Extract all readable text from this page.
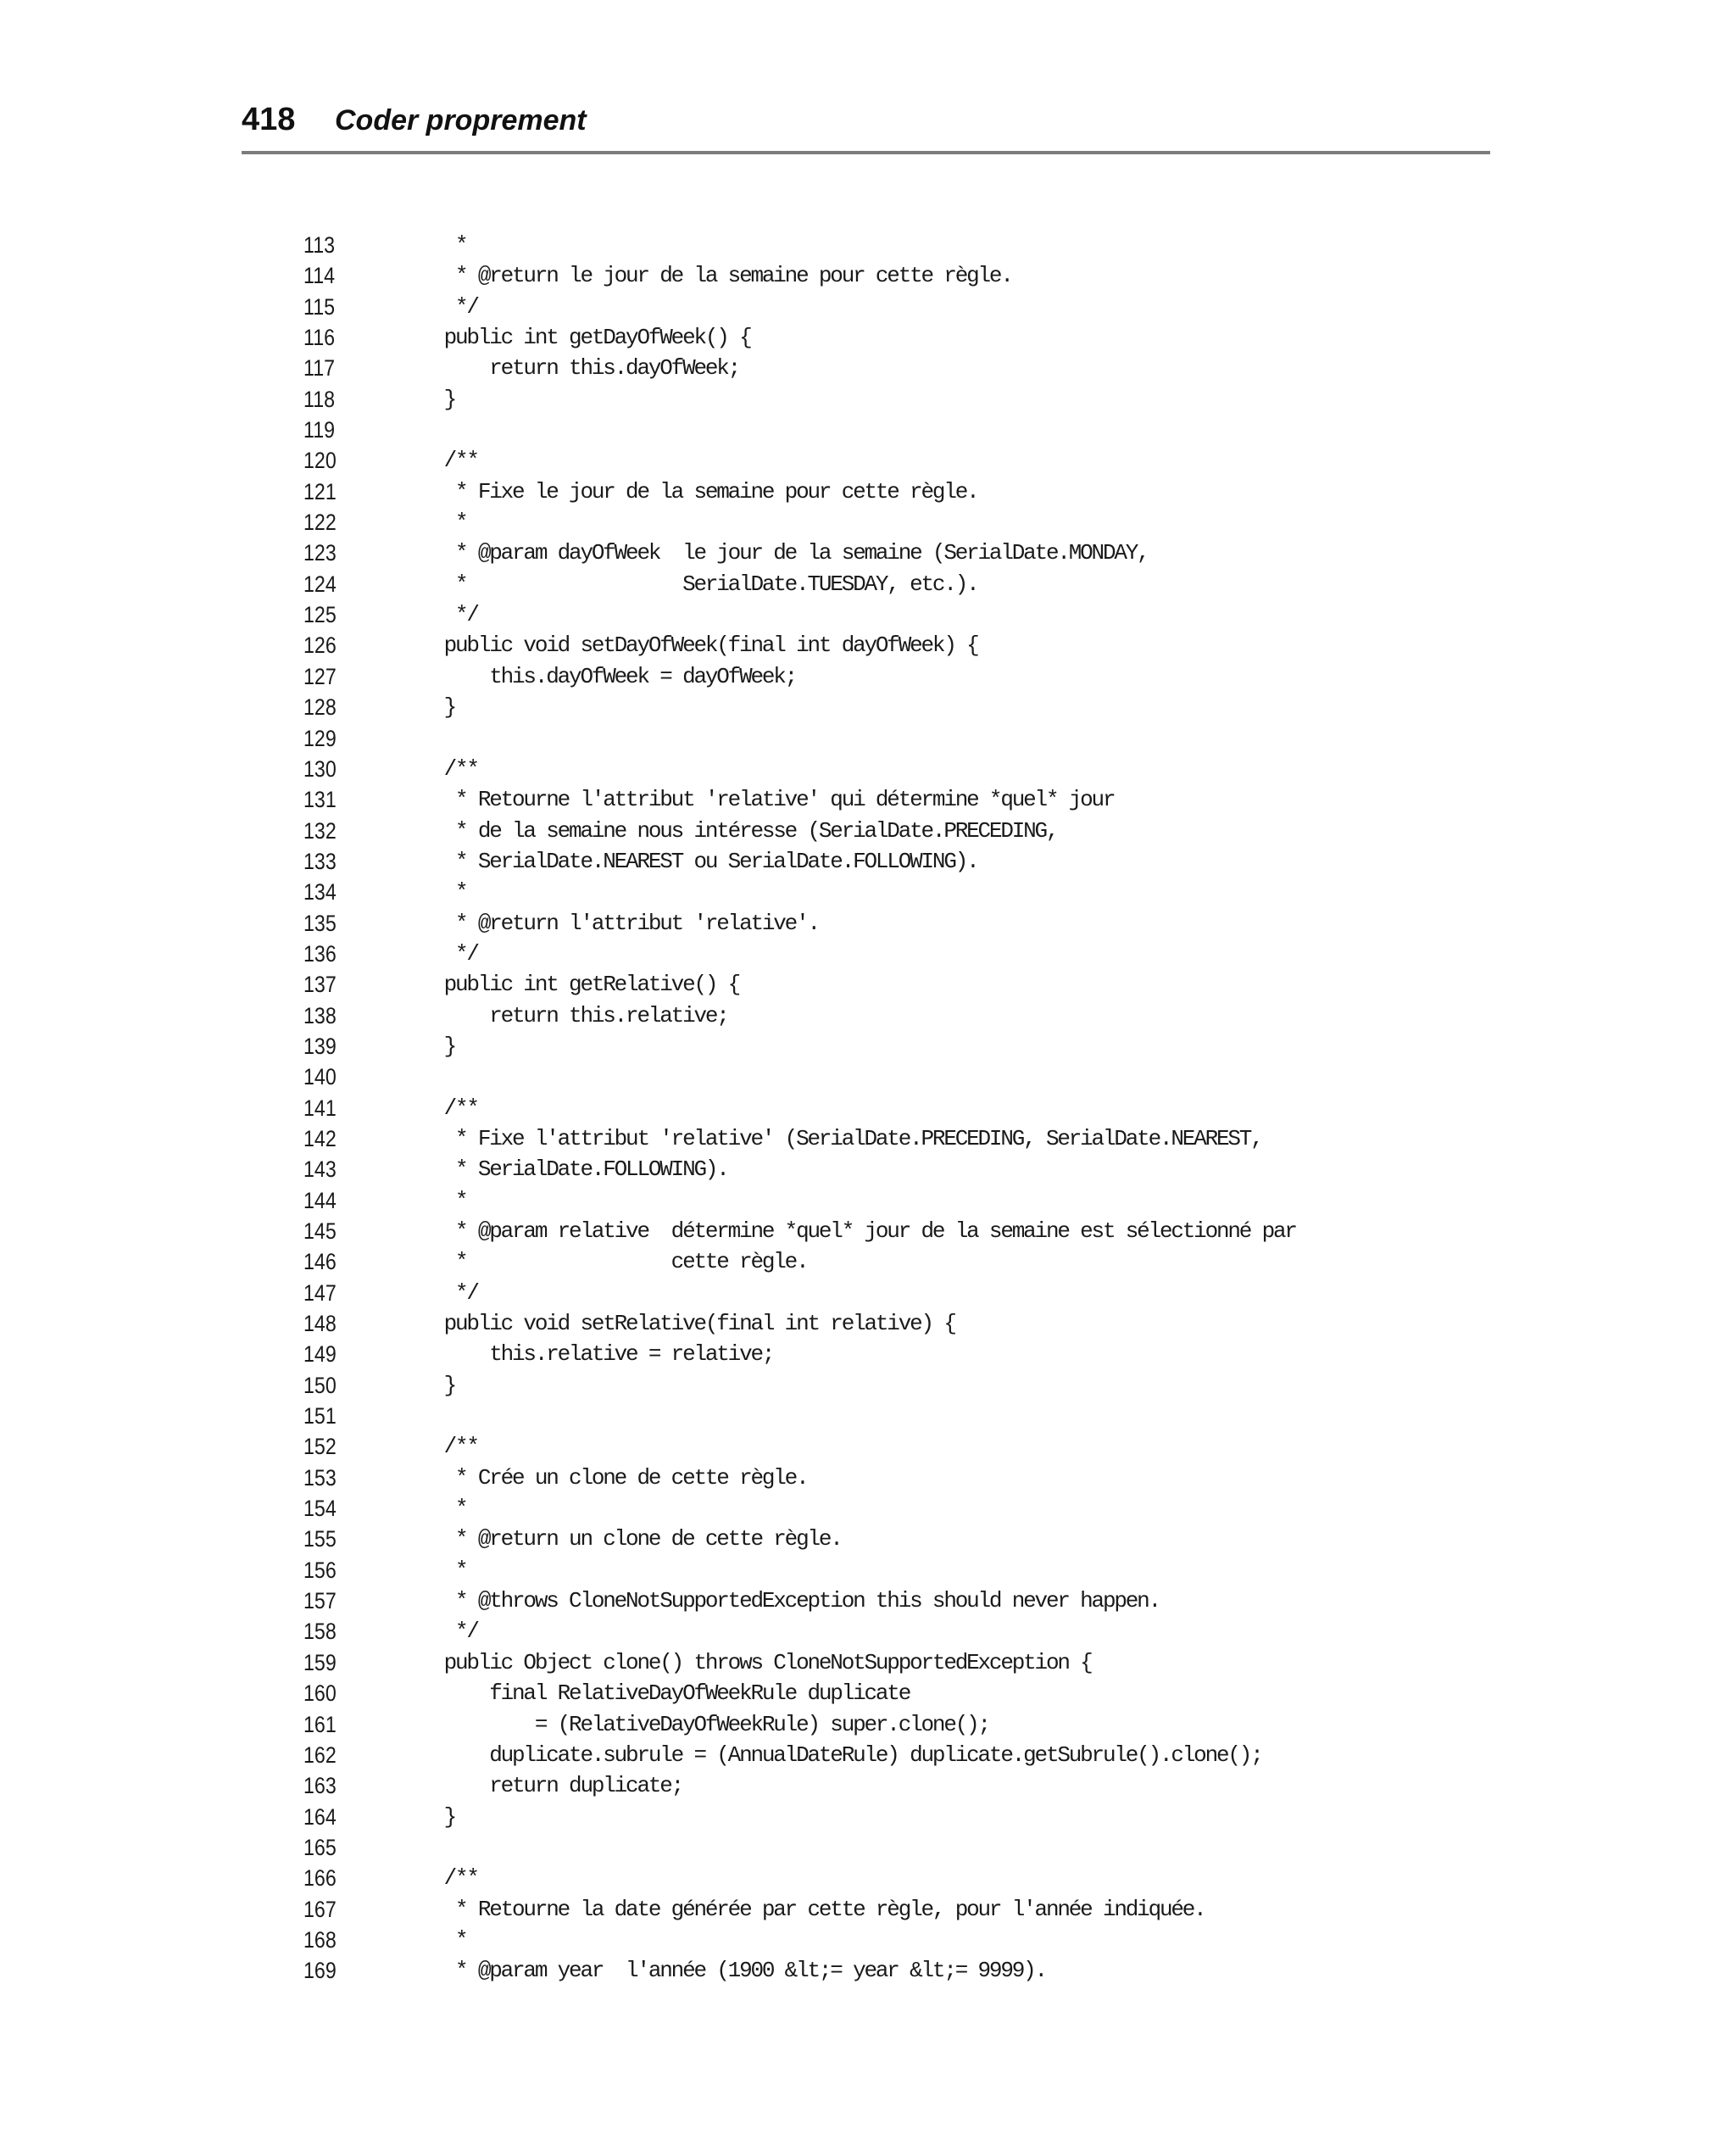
418 Coder proprement
113	*
114	* @return le jour de la semaine pour cette règle.
115	*/
116	public int getDayOfWeek() {
117	return this.dayOfWeek;
118	}
119
120	/**
121	* Fixe le jour de la semaine pour cette règle.
122	*
123	* @param dayOfWeek  le jour de la semaine (SerialDate.MONDAY,
124	*                   SerialDate.TUESDAY, etc.).
125	*/
126	public void setDayOfWeek(final int dayOfWeek) {
127	this.dayOfWeek = dayOfWeek;
128	}
129
130	/**
131	* Retourne l'attribut 'relative' qui détermine *quel* jour
132	* de la semaine nous intéresse (SerialDate.PRECEDING,
133	* SerialDate.NEAREST ou SerialDate.FOLLOWING).
134	*
135	* @return l'attribut 'relative'.
136	*/
137	public int getRelative() {
138	return this.relative;
139	}
140
141	/**
142	* Fixe l'attribut 'relative' (SerialDate.PRECEDING, SerialDate.NEAREST,
143	* SerialDate.FOLLOWING).
144	*
145	* @param relative  détermine *quel* jour de la semaine est sélectionné par
146	*                  cette règle.
147	*/
148	public void setRelative(final int relative) {
149	this.relative = relative;
150	}
151
152	/**
153	* Crée un clone de cette règle.
154	*
155	* @return un clone de cette règle.
156	*
157	* @throws CloneNotSupportedException this should never happen.
158	*/
159	public Object clone() throws CloneNotSupportedException {
160	final RelativeDayOfWeekRule duplicate
161	= (RelativeDayOfWeekRule) super.clone();
162	duplicate.subrule = (AnnualDateRule) duplicate.getSubrule().clone();
163	return duplicate;
164	}
165
166	/**
167	* Retourne la date générée par cette règle, pour l'année indiquée.
168	*
169	* @param year  l'année (1900 &lt;= year &lt;= 9999).
